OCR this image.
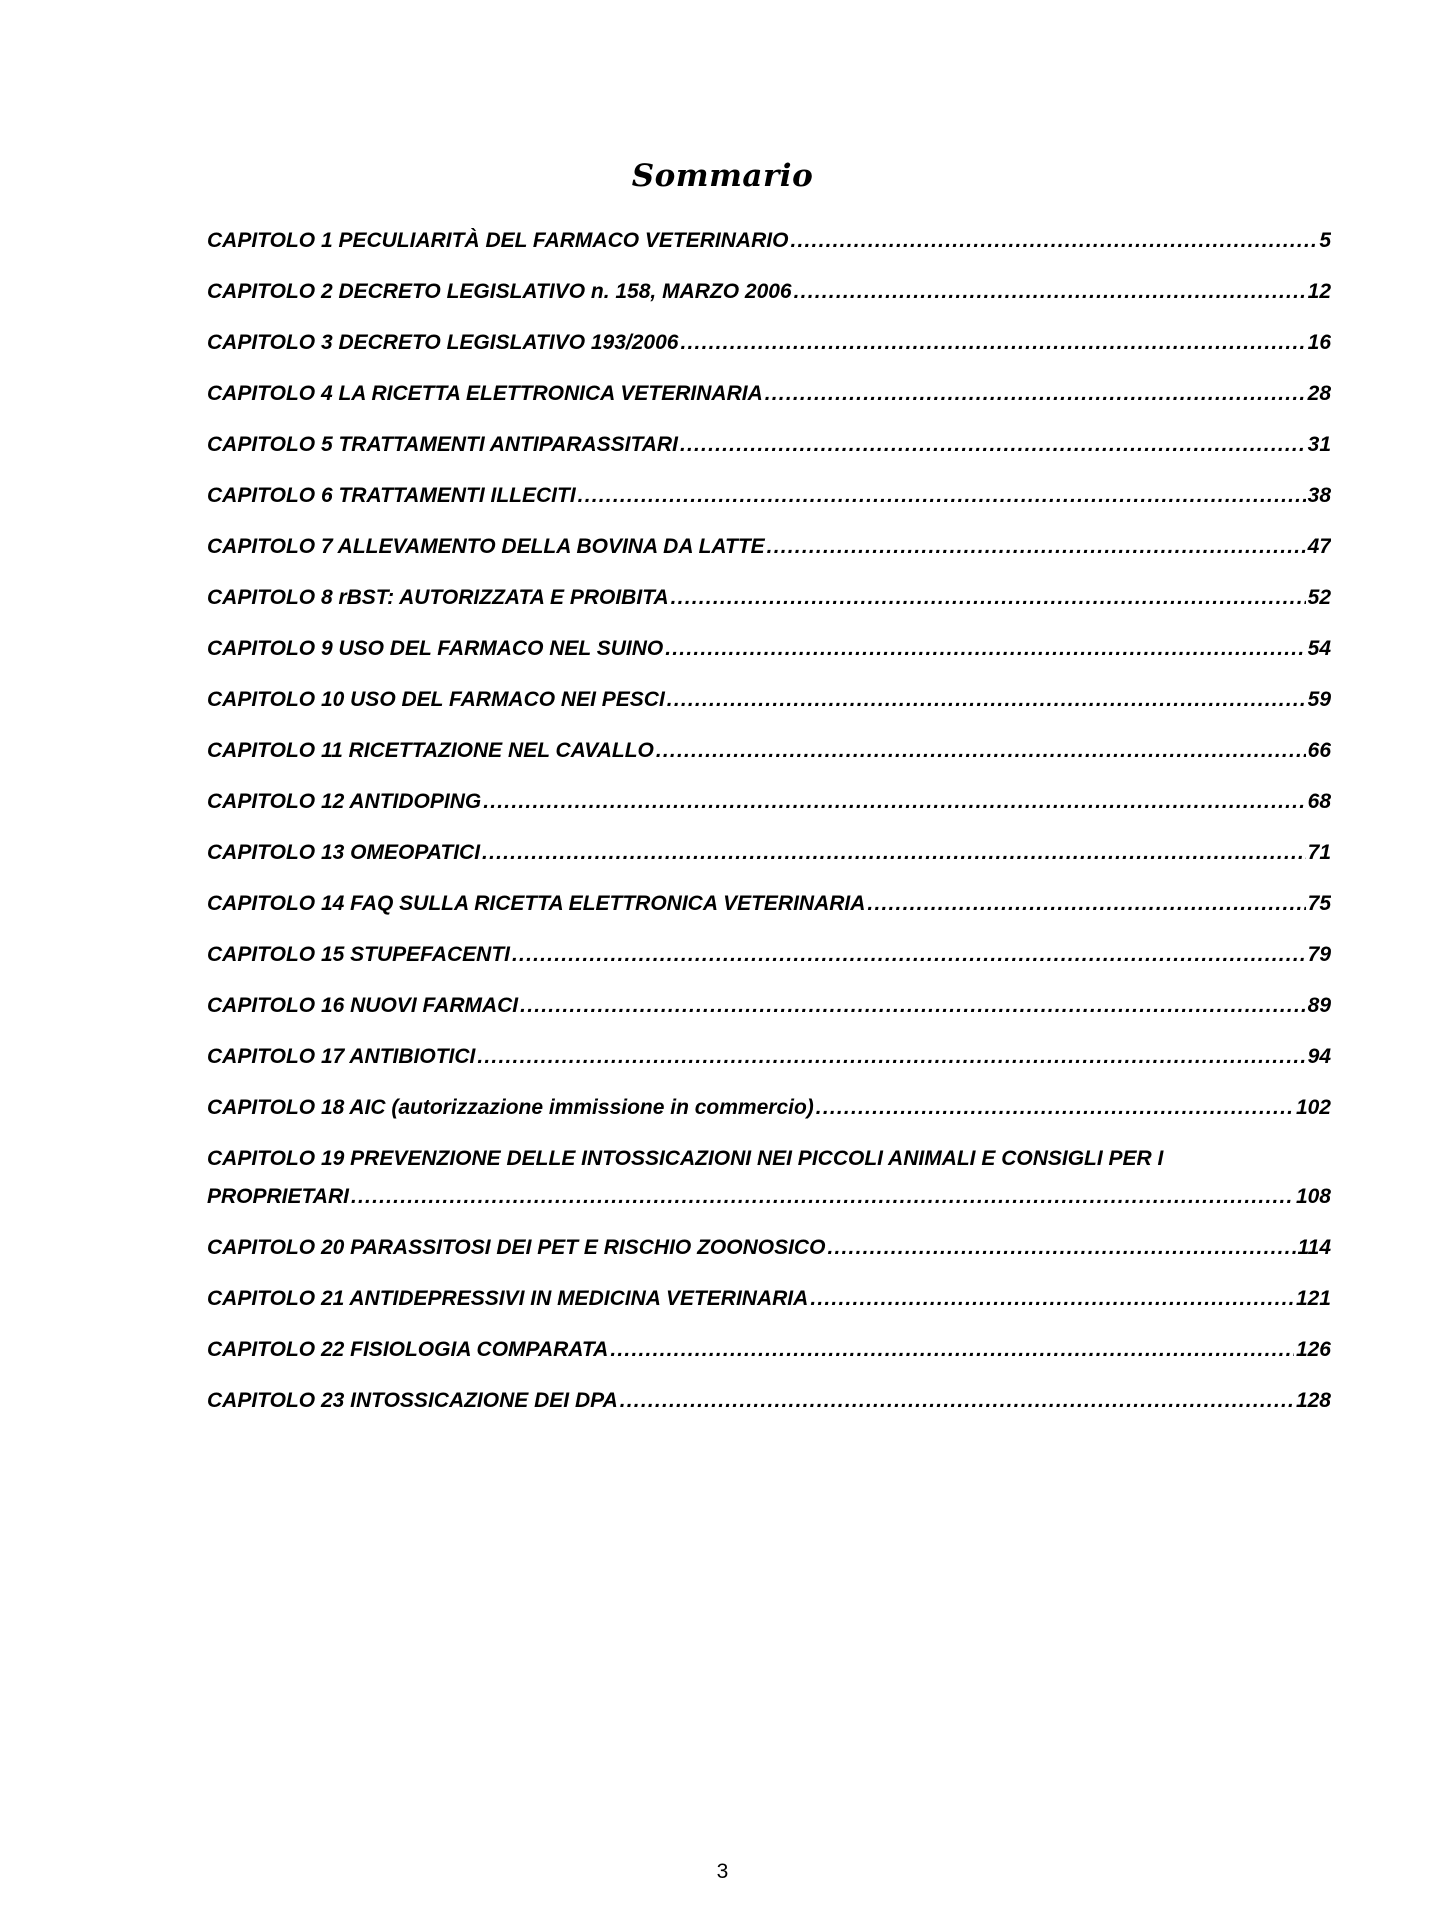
Sommario
CAPITOLO 1 PECULIARITÀ DEL FARMACO VETERINARIO .....	5
CAPITOLO 2 DECRETO LEGISLATIVO n. 158, MARZO 2006 .....	12
CAPITOLO 3 DECRETO LEGISLATIVO 193/2006 .....	16
CAPITOLO 4 LA RICETTA ELETTRONICA VETERINARIA .....	28
CAPITOLO 5 TRATTAMENTI ANTIPARASSITARI .....	31
CAPITOLO 6 TRATTAMENTI ILLECITI .....	38
CAPITOLO 7 ALLEVAMENTO DELLA BOVINA DA LATTE .....	47
CAPITOLO 8 rBST: AUTORIZZATA E PROIBITA .....	52
CAPITOLO 9 USO DEL FARMACO NEL SUINO .....	54
CAPITOLO 10 USO DEL FARMACO NEI PESCI .....	59
CAPITOLO 11 RICETTAZIONE NEL CAVALLO .....	66
CAPITOLO 12 ANTIDOPING .....	68
CAPITOLO 13 OMEOPATICI .....	71
CAPITOLO 14 FAQ SULLA RICETTA ELETTRONICA VETERINARIA .....	75
CAPITOLO 15 STUPEFACENTI .....	79
CAPITOLO 16 NUOVI FARMACI .....	89
CAPITOLO 17 ANTIBIOTICI .....	94
CAPITOLO 18 AIC (autorizzazione immissione in commercio) .....	102
CAPITOLO 19 PREVENZIONE DELLE INTOSSICAZIONI NEI PICCOLI ANIMALI E CONSIGLI PER I
PROPRIETARI .....	108
CAPITOLO 20 PARASSITOSI DEI PET E RISCHIO ZOONOSICO .....	114
CAPITOLO 21 ANTIDEPRESSIVI IN MEDICINA VETERINARIA .....	121
CAPITOLO 22 FISIOLOGIA COMPARATA .....	126
CAPITOLO 23 INTOSSICAZIONE DEI DPA .....	128
3
